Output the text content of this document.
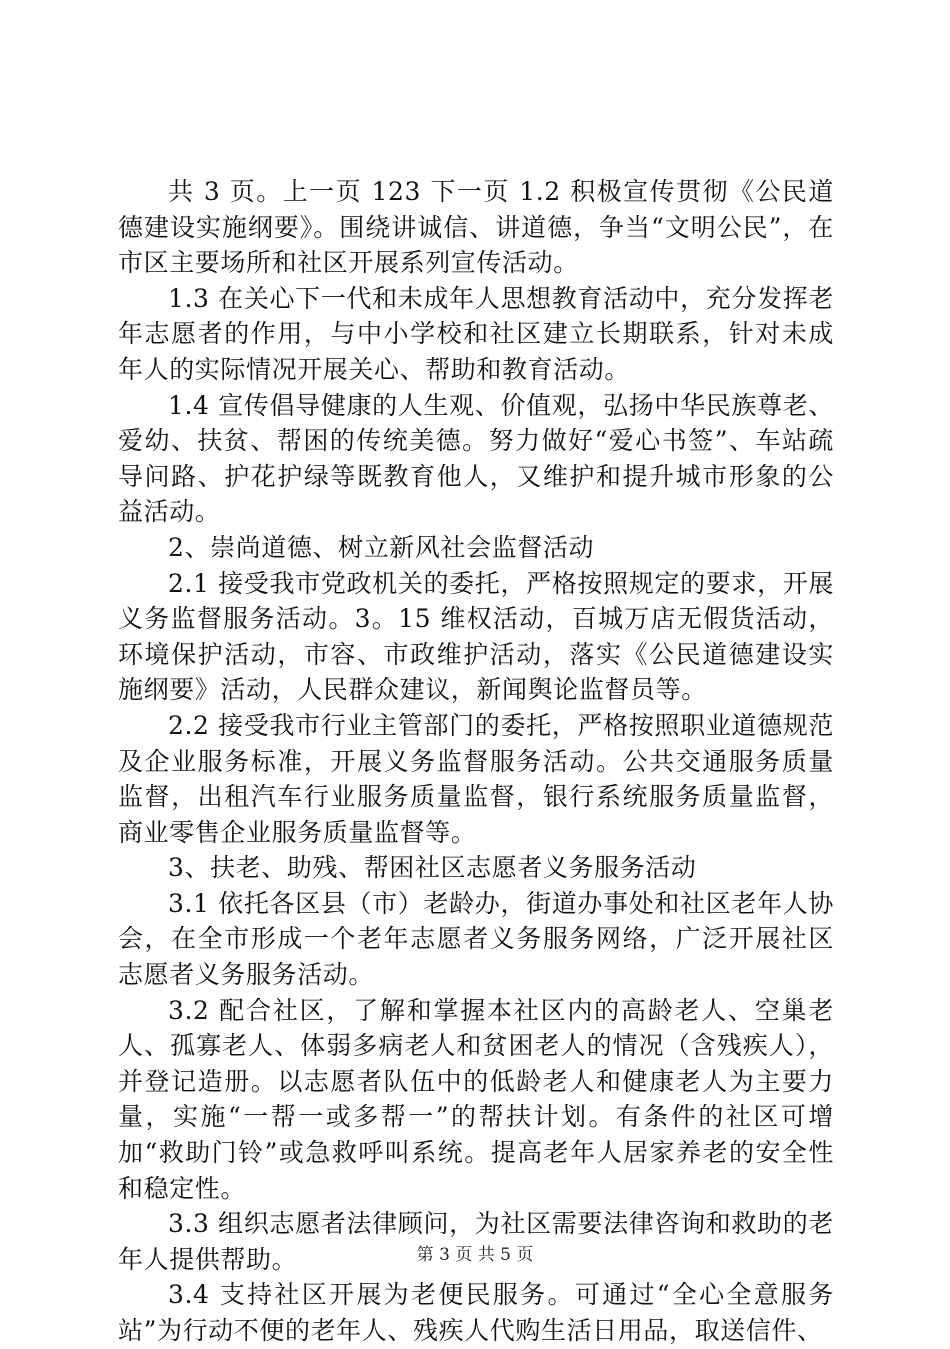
共 3 页。上一页 123 下一页 1.2 积极宣传贯彻《公民道德建设实施纲要》。围绕讲诚信、讲道德，争当“文明公民”，在市区主要场所和社区开展系列宣传活动。

1.3 在关心下一代和未成年人思想教育活动中，充分发挥老年志愿者的作用，与中小学校和社区建立长期联系，针对未成年人的实际情况开展关心、帮助和教育活动。

1.4 宣传倡导健康的人生观、价值观，弘扬中华民族尊老、爱幼、扶贫、帮困的传统美德。努力做好“爱心书签”、车站疏导问路、护花护绿等既教育他人，又维护和提升城市形象的公益活动。

2、崇尚道德、树立新风社会监督活动

2.1 接受我市党政机关的委托，严格按照规定的要求，开展义务监督服务活动。3。15 维权活动，百城万店无假货活动，环境保护活动，市容、市政维护活动，落实《公民道德建设实施纲要》活动，人民群众建议，新闻舆论监督员等。

2.2 接受我市行业主管部门的委托，严格按照职业道德规范及企业服务标准，开展义务监督服务活动。公共交通服务质量监督，出租汽车行业服务质量监督，银行系统服务质量监督，商业零售企业服务质量监督等。

3、扶老、助残、帮困社区志愿者义务服务活动

3.1 依托各区县（市）老龄办，街道办事处和社区老年人协会，在全市形成一个老年志愿者义务服务网络，广泛开展社区志愿者义务服务活动。

3.2 配合社区，了解和掌握本社区内的高龄老人、空巢老人、孤寡老人、体弱多病老人和贫困老人的情况（含残疾人），并登记造册。以志愿者队伍中的低龄老人和健康老人为主要力量，实施“一帮一或多帮一”的帮扶计划。有条件的社区可增加“救助门铃”或急救呼叫系统。提高老年人居家养老的安全性和稳定性。

3.3 组织志愿者法律顾问，为社区需要法律咨询和救助的老年人提供帮助。

3.4 支持社区开展为老便民服务。可通过“全心全意服务站”为行动不便的老年人、残疾人代购生活日用品，取送信件、

第 3 页 共 5 页
